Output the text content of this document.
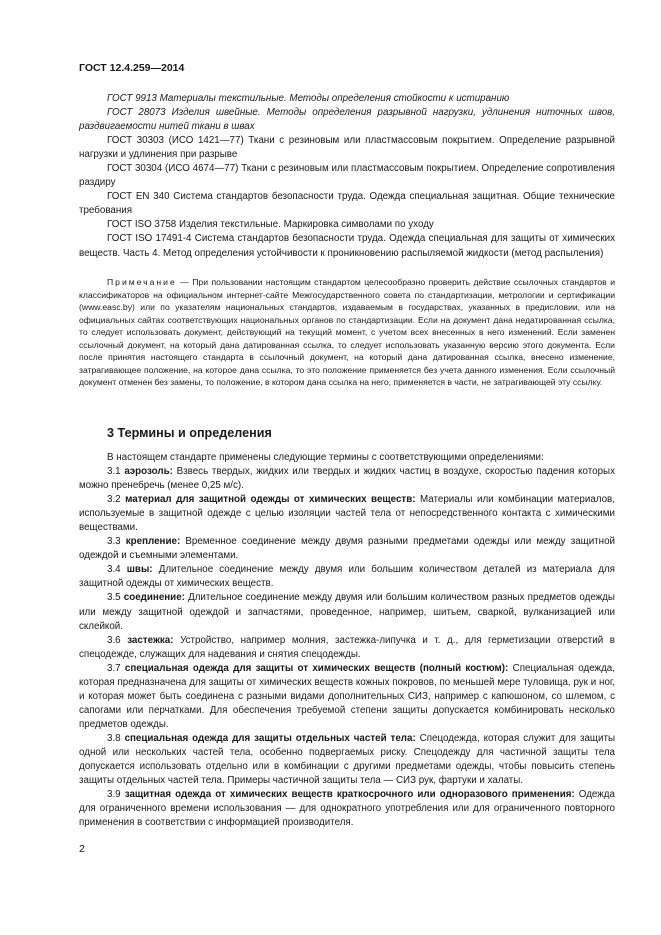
ГОСТ 12.4.259—2014

ГОСТ 9913 Материалы текстильные. Методы определения стойкости к истиранию

ГОСТ 28073 Изделия швейные. Методы определения разрывной нагрузки, удлинения ниточных швов, раздвигаемости нитей ткани в швах

ГОСТ 30303 (ИСО 1421—77) Ткани с резиновым или пластмассовым покрытием. Определение разрывной нагрузки и удлинения при разрыве

ГОСТ 30304 (ИСО 4674—77) Ткани с резиновым или пластмассовым покрытием. Определение сопротивления раздиру

ГОСТ EN 340 Система стандартов безопасности труда. Одежда специальная защитная. Общие технические требования

ГОСТ ISO 3758 Изделия текстильные. Маркировка символами по уходу

ГОСТ ISO 17491-4 Система стандартов безопасности труда. Одежда специальная для защиты от химических веществ. Часть 4. Метод определения устойчивости к проникновению распыляемой жидкости (метод распыления)

Примечание — При пользовании настоящим стандартом целесообразно проверить действие ссылочных стандартов и классификаторов на официальном интернет-сайте Межгосударственного совета по стандартизации, метрологии и сертификации (www.easc.by) или по указателям национальных стандартов, издаваемым в государствах, указанных в предисловии, или на официальных сайтах соответствующих национальных органов по стандартизации. Если на документ дана недатированная ссылка, то следует использовать документ, действующий на текущий момент, с учетом всех внесенных в него изменений. Если заменен ссылочный документ, на который дана датированная ссылка, то следует использовать указанную версию этого документа. Если после принятия настоящего стандарта в ссылочный документ, на который дана датированная ссылка, внесено изменение, затрагивающее положение, на которое дана ссылка, то это положение применяется без учета данного изменения. Если ссылочный документ отменен без замены, то положение, в котором дана ссылка на него, применяется в части, не затрагивающей эту ссылку.

3 Термины и определения

В настоящем стандарте применены следующие термины с соответствующими определениями:

3.1 аэрозоль: Взвесь твердых, жидких или твердых и жидких частиц в воздухе, скоростью падения которых можно пренебречь (менее 0,25 м/с).

3.2 материал для защитной одежды от химических веществ: Материалы или комбинации материалов, используемые в защитной одежде с целью изоляции частей тела от непосредственного контакта с химическими веществами.

3.3 крепление: Временное соединение между двумя разными предметами одежды или между защитной одеждой и съемными элементами.

3.4 швы: Длительное соединение между двумя или большим количеством деталей из материала для защитной одежды от химических веществ.

3.5 соединение: Длительное соединение между двумя или большим количеством разных предметов одежды или между защитной одеждой и запчастями, проведенное, например, шитьем, сваркой, вулканизацией или склейкой.

3.6 застежка: Устройство, например молния, застежка-липучка и т. д., для герметизации отверстий в спецодежде, служащих для надевания и снятия спецодежды.

3.7 специальная одежда для защиты от химических веществ (полный костюм): Специальная одежда, которая предназначена для защиты от химических веществ кожных покровов, по меньшей мере туловища, рук и ног, и которая может быть соединена с разными видами дополнительных СИЗ, например с капюшоном, со шлемом, с сапогами или перчатками. Для обеспечения требуемой степени защиты допускается комбинировать несколько предметов одежды.

3.8 специальная одежда для защиты отдельных частей тела: Спецодежда, которая служит для защиты одной или нескольких частей тела, особенно подвергаемых риску. Спецодежду для частичной защиты тела допускается использовать отдельно или в комбинации с другими предметами одежды, чтобы повысить степень защиты отдельных частей тела. Примеры частичной защиты тела — СИЗ рук, фартуки и халаты.

3.9 защитная одежда от химических веществ краткосрочного или одноразового применения: Одежда для ограниченного времени использования — для однократного употребления или для ограниченного повторного применения в соответствии с информацией производителя.

2
